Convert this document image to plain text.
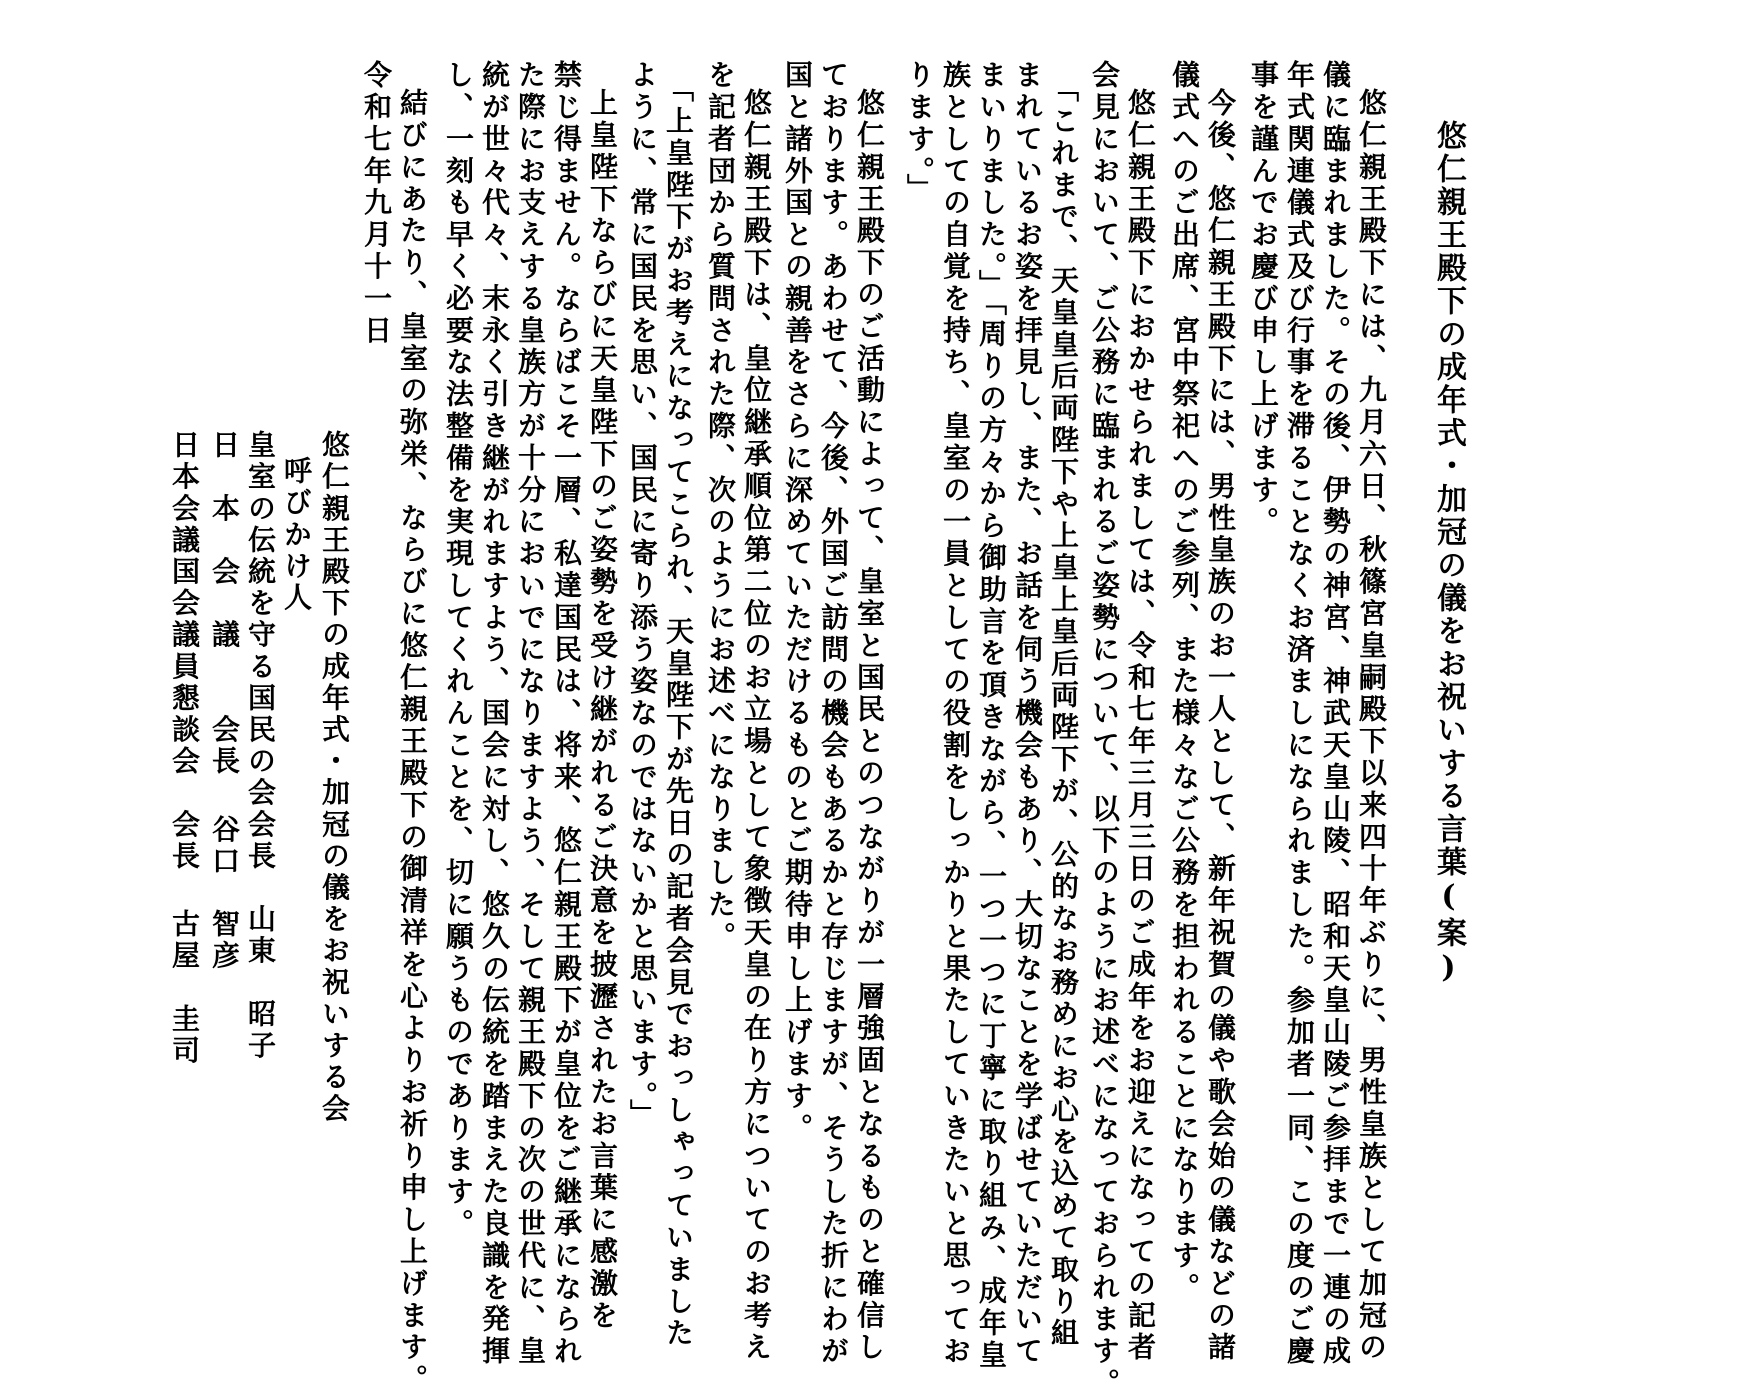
悠仁親王殿下の成年式・加冠の儀をお祝いする言葉(案)
悠仁親王殿下には、九月六日、秋篠宮皇嗣殿下以来四十年ぶりに、男性皇族として加冠の
儀に臨まれました。その後、伊勢の神宮、神武天皇山陵、昭和天皇山陵ご参拝まで一連の成
年式関連儀式及び行事を滞ることなくお済ましになられました。参加者一同、この度のご慶
事を謹んでお慶び申し上げます。
今後、悠仁親王殿下には、男性皇族のお一人として、新年祝賀の儀や歌会始の儀などの諸
儀式へのご出席、宮中祭祀へのご参列、また様々なご公務を担われることになります。
悠仁親王殿下におかせられましては、令和七年三月三日のご成年をお迎えになっての記者
会見において、ご公務に臨まれるご姿勢について、以下のようにお述べになっておられます。
「これまで、天皇皇后両陛下や上皇上皇后両陛下が、公的なお務めにお心を込めて取り組
まれているお姿を拝見し、また、お話を伺う機会もあり、大切なことを学ばせていただいて
まいりました。」「周りの方々から御助言を頂きながら、一つ一つに丁寧に取り組み、成年皇
族としての自覚を持ち、皇室の一員としての役割をしっかりと果たしていきたいと思ってお
ります。」
悠仁親王殿下のご活動によって、皇室と国民とのつながりが一層強固となるものと確信し
ております。あわせて、今後、外国ご訪問の機会もあるかと存じますが、そうした折にわが
国と諸外国との親善をさらに深めていただけるものとご期待申し上げます。
悠仁親王殿下は、皇位継承順位第二位のお立場として象徴天皇の在り方についてのお考え
を記者団から質問された際、次のようにお述べになりました。
「上皇陛下がお考えになってこられ、天皇陛下が先日の記者会見でおっしゃっていました
ように、常に国民を思い、国民に寄り添う姿なのではないかと思います。」
上皇陛下ならびに天皇陛下のご姿勢を受け継がれるご決意を披瀝されたお言葉に感激を
禁じ得ません。ならばこそ一層、私達国民は、将来、悠仁親王殿下が皇位をご継承になられ
た際にお支えする皇族方が十分においでになりますよう、そして親王殿下の次の世代に、皇
統が世々代々、末永く引き継がれますよう、国会に対し、悠久の伝統を踏まえた良識を発揮
し、一刻も早く必要な法整備を実現してくれんことを、切に願うものであります。
結びにあたり、皇室の弥栄、ならびに悠仁親王殿下の御清祥を心よりお祈り申し上げます。
令和七年九月十一日
悠仁親王殿下の成年式・加冠の儀をお祝いする会
呼びかけ人
皇室の伝統を守る国民の会会長　山東　昭子
日　本　会　議　　会長 谷口　智彦
日本会議国会議員懇談会　会長 古屋　圭司
